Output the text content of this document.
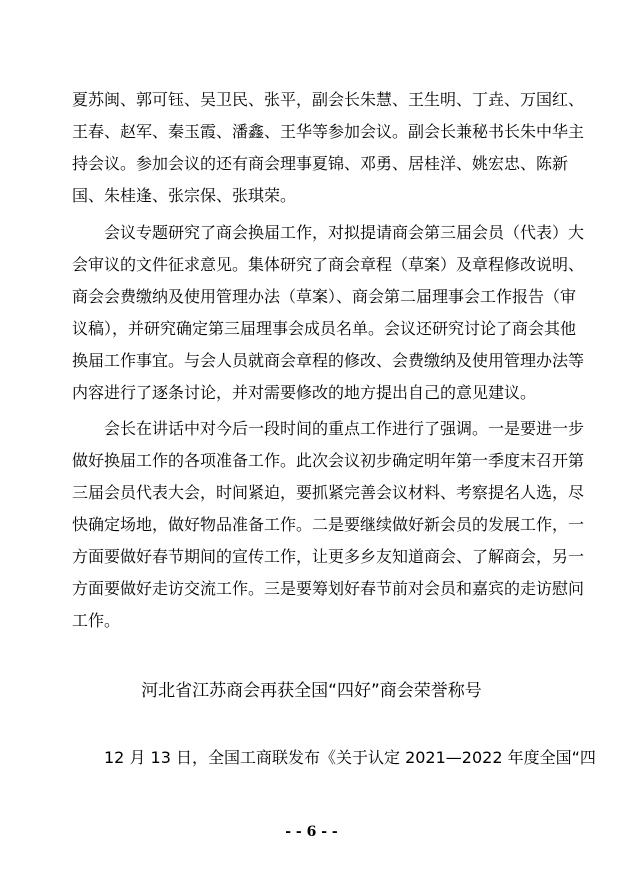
夏苏闽、郭可钰、吴卫民、张平，副会长朱慧、王生明、丁垚、万国红、
王春、赵军、秦玉霞、潘鑫、王华等参加会议。副会长兼秘书长朱中华主
持会议。参加会议的还有商会理事夏锦、邓勇、居桂洋、姚宏忠、陈新
国、朱桂逢、张宗保、张琪荣。
会议专题研究了商会换届工作，对拟提请商会第三届会员（代表）大
会审议的文件征求意见。集体研究了商会章程（草案）及章程修改说明、
商会会费缴纳及使用管理办法（草案）、商会第二届理事会工作报告（审
议稿），并研究确定第三届理事会成员名单。会议还研究讨论了商会其他
换届工作事宜。与会人员就商会章程的修改、会费缴纳及使用管理办法等
内容进行了逐条讨论，并对需要修改的地方提出自己的意见建议。
会长在讲话中对今后一段时间的重点工作进行了强调。一是要进一步
做好换届工作的各项准备工作。此次会议初步确定明年第一季度末召开第
三届会员代表大会，时间紧迫，要抓紧完善会议材料、考察提名人选，尽
快确定场地，做好物品准备工作。二是要继续做好新会员的发展工作，一
方面要做好春节期间的宣传工作，让更多乡友知道商会、了解商会，另一
方面要做好走访交流工作。三是要筹划好春节前对会员和嘉宾的走访慰问
工作。
河北省江苏商会再获全国“四好”商会荣誉称号
12 月 13 日，全国工商联发布《关于认定 2021—2022 年度全国“四
- - 6 - -
